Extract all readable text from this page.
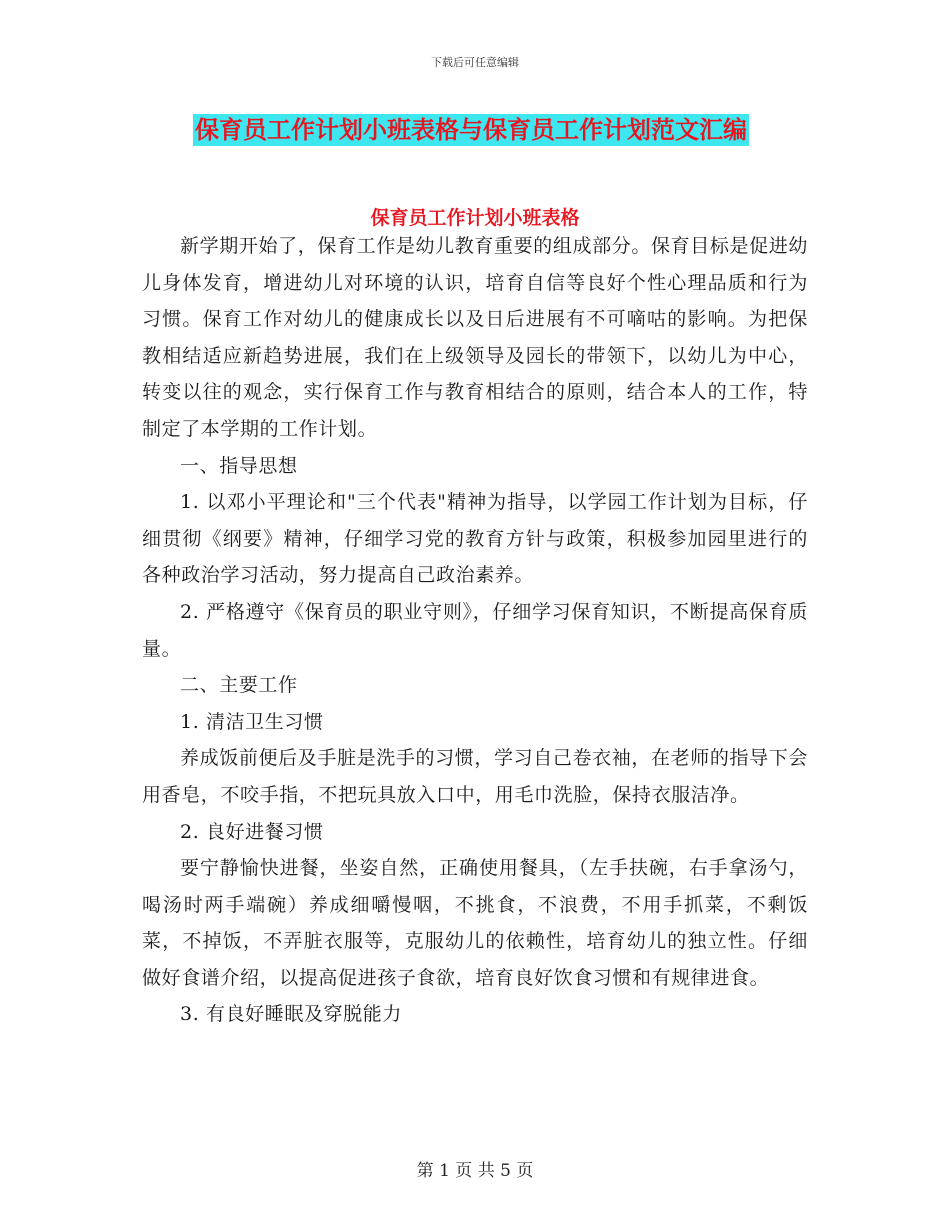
下载后可任意编辑
保育员工作计划小班表格与保育员工作计划范文汇编
保育员工作计划小班表格

新学期开始了，保育工作是幼儿教育重要的组成部分。保育目标是促进幼儿身体发育，增进幼儿对环境的认识，培育自信等良好个性心理品质和行为习惯。保育工作对幼儿的健康成长以及日后进展有不可嘀咕的影响。为把保教相结适应新趋势进展，我们在上级领导及园长的带领下，以幼儿为中心，转变以往的观念，实行保育工作与教育相结合的原则，结合本人的工作，特制定了本学期的工作计划。

一、指导思想

1. 以邓小平理论和"三个代表"精神为指导，以学园工作计划为目标，仔细贯彻《纲要》精神，仔细学习党的教育方针与政策，积极参加园里进行的各种政治学习活动，努力提高自己政治素养。

2. 严格遵守《保育员的职业守则》，仔细学习保育知识，不断提高保育质量。

二、主要工作

1. 清洁卫生习惯

养成饭前便后及手脏是洗手的习惯，学习自己卷衣袖，在老师的指导下会用香皂，不咬手指，不把玩具放入口中，用毛巾洗脸，保持衣服洁净。

2. 良好进餐习惯

要宁静愉快进餐，坐姿自然，正确使用餐具，（左手扶碗，右手拿汤勺，喝汤时两手端碗）养成细嚼慢咽，不挑食，不浪费，不用手抓菜，不剩饭菜，不掉饭，不弄脏衣服等，克服幼儿的依赖性，培育幼儿的独立性。仔细做好食谱介绍，以提高促进孩子食欲，培育良好饮食习惯和有规律进食。

3. 有良好睡眠及穿脱能力

第 1 页 共 5 页
